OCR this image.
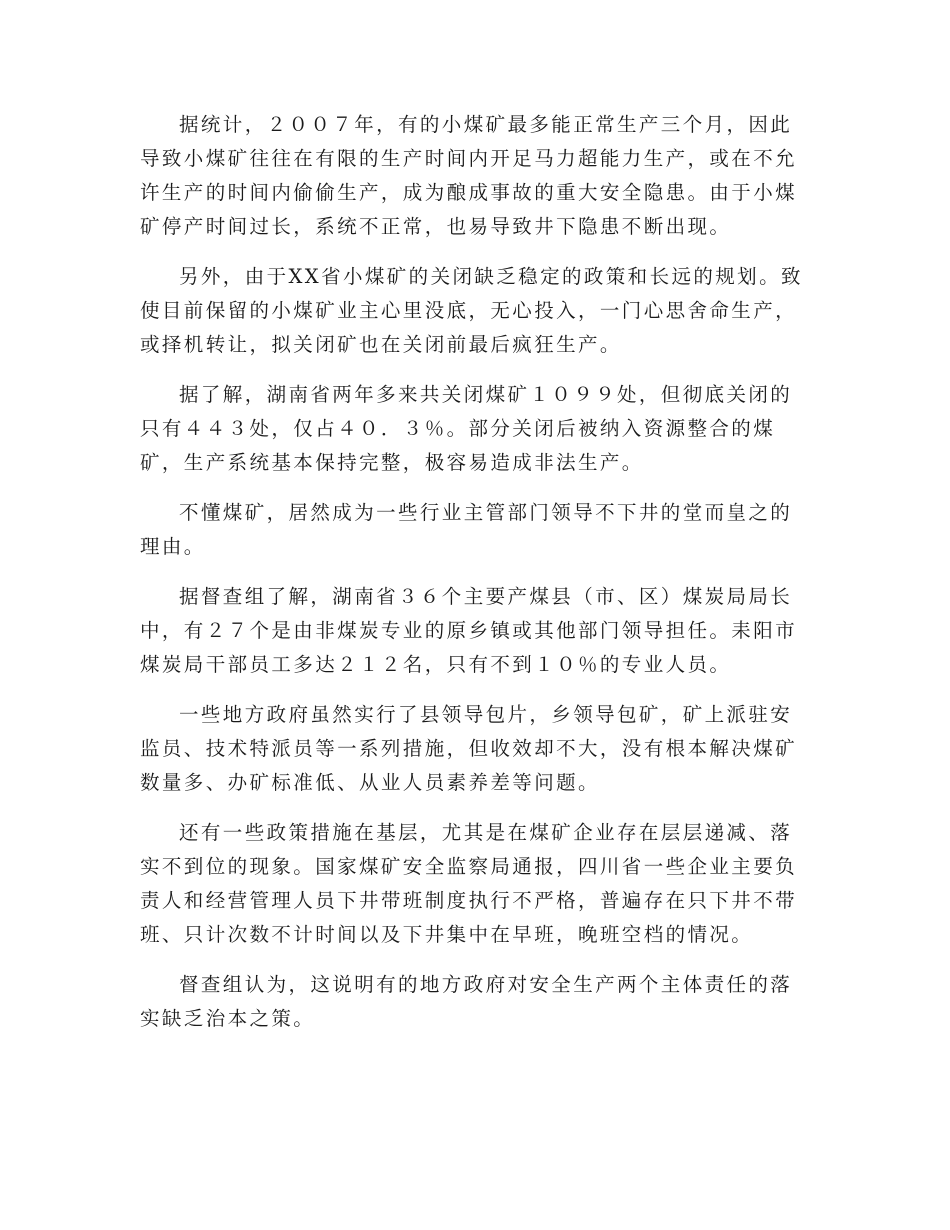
据统计，２００７年，有的小煤矿最多能正常生产三个月，因此导致小煤矿往往在有限的生产时间内开足马力超能力生产，或在不允许生产的时间内偷偷生产，成为酿成事故的重大安全隐患。由于小煤矿停产时间过长，系统不正常，也易导致井下隐患不断出现。

另外，由于XX省小煤矿的关闭缺乏稳定的政策和长远的规划。致使目前保留的小煤矿业主心里没底，无心投入，一门心思舍命生产，或择机转让，拟关闭矿也在关闭前最后疯狂生产。

据了解，湖南省两年多来共关闭煤矿１０９９处，但彻底关闭的只有４４３处，仅占４０．３％。部分关闭后被纳入资源整合的煤矿，生产系统基本保持完整，极容易造成非法生产。

不懂煤矿，居然成为一些行业主管部门领导不下井的堂而皇之的理由。

据督查组了解，湖南省３６个主要产煤县（市、区）煤炭局局长中，有２７个是由非煤炭专业的原乡镇或其他部门领导担任。耒阳市煤炭局干部员工多达２１２名，只有不到１０％的专业人员。

一些地方政府虽然实行了县领导包片，乡领导包矿，矿上派驻安监员、技术特派员等一系列措施，但收效却不大，没有根本解决煤矿数量多、办矿标准低、从业人员素养差等问题。

还有一些政策措施在基层，尤其是在煤矿企业存在层层递减、落实不到位的现象。国家煤矿安全监察局通报，四川省一些企业主要负责人和经营管理人员下井带班制度执行不严格，普遍存在只下井不带班、只计次数不计时间以及下井集中在早班，晚班空档的情况。

督查组认为，这说明有的地方政府对安全生产两个主体责任的落实缺乏治本之策。
